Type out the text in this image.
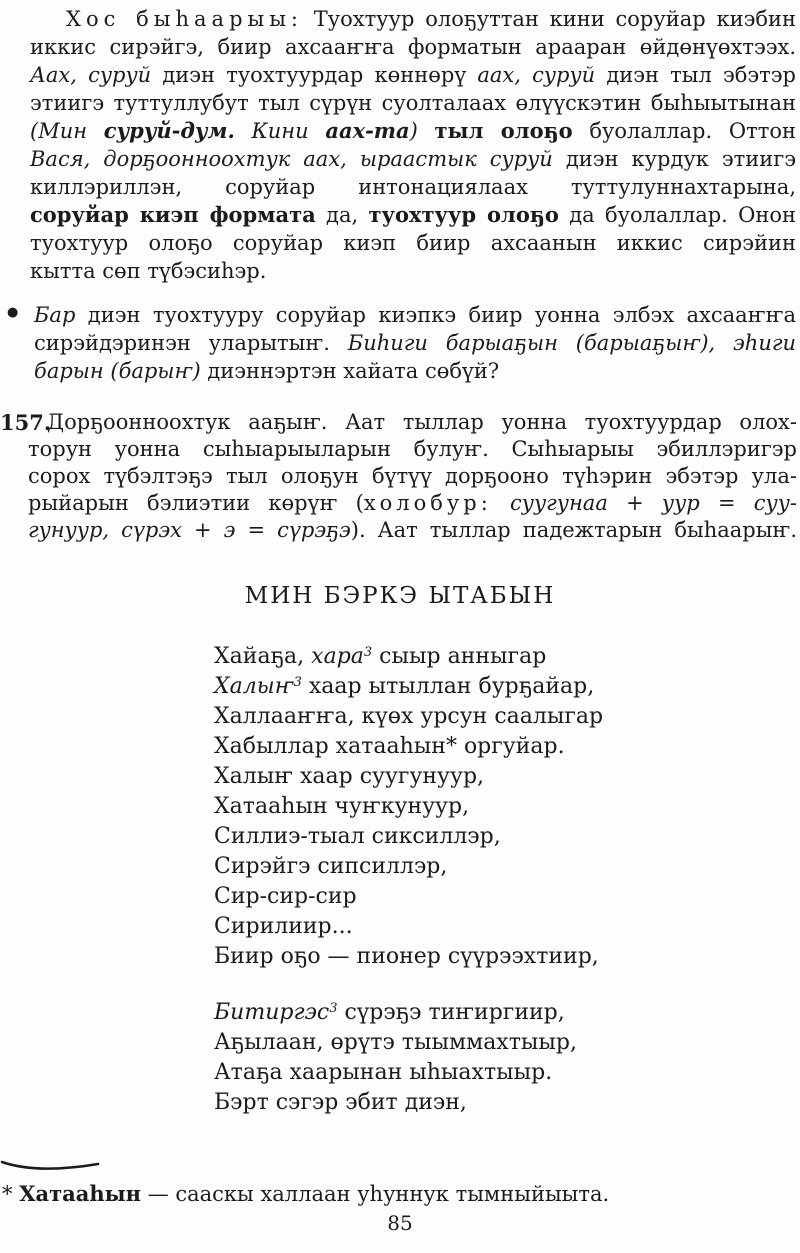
Хос быһаарыы: Туохтуур олоҕуттан кини соруйар киэбин
иккис сирэйгэ, биир ахсааҥҥа форматын арааран өйдөнүөхтээх.
Аах, суруй диэн туохтуурдар көннөрү аах, суруй диэн тыл эбэтэр
этиигэ туттуллубут тыл сүрүн суолталаах өлүүскэтин быһыытынан
(Мин суруй-дум. Кини аах-та) тыл олоҕо буолаллар. Оттон
Вася, дорҕоонноохтук аах, ыраастык суруй диэн курдук этиигэ
киллэриллэн, соруйар интонациялаах туттулуннахтарына,
соруйар киэп формата да, туохтуур олоҕо да буолаллар. Онон
туохтуур олоҕо соруйар киэп биир ахсаанын иккис сирэйин
кытта сөп түбэсиһэр.
● Бар диэн туохтууру соруйар киэпкэ биир уонна элбэх ахсааҥҥа
сирэйдэринэн уларытыҥ. Биһиги барыаҕын (барыаҕыҥ), эһиги
барын (барыҥ) диэннэртэн хайата сөбүй?
157.
Дорҕоонноохтук ааҕыҥ. Аат тыллар уонна туохтуурдар олох-
торун уонна сыһыарыыларын булуҥ. Сыһыарыы эбиллэригэр
сорох түбэлтэҕэ тыл олоҕун бүтүү дорҕооно түһэрин эбэтэр ула-
рыйарын бэлиэтии көрүҥ (холобур: суугунаа + уур = суу-
гунуур, сүрэх + э = сүрэҕэ). Аат тыллар падежтарын быһаарыҥ.
МИН БЭРКЭ ЫТАБЫН
Хайаҕа, хара$^3$ сыыр анныгар
Халыҥ$^3$ хаар ытыллан бурҕайар,
Халлааҥҥа, күөх урсун саалыгар
Хабыллар хатааһын* оргуйар.
Халыҥ хаар суугунуур,
Хатааһын чуҥкунуур,
Силлиэ-тыал сиксиллэр,
Сирэйгэ сипсиллэр,
Сир-сир-сир
Сирилиир...
Биир оҕо — пионер сүүрээхтиир,
Битиргэс$^3$ сүрэҕэ тиҥиргиир,
Аҕылаан, өрүтэ тыыммахтыыр,
Атаҕа хаарынан ыһыахтыыр.
Бэрт сэгэр эбит диэн,
* Хатааһын — сааскы халлаан уһуннук тымныйыыта.
85
